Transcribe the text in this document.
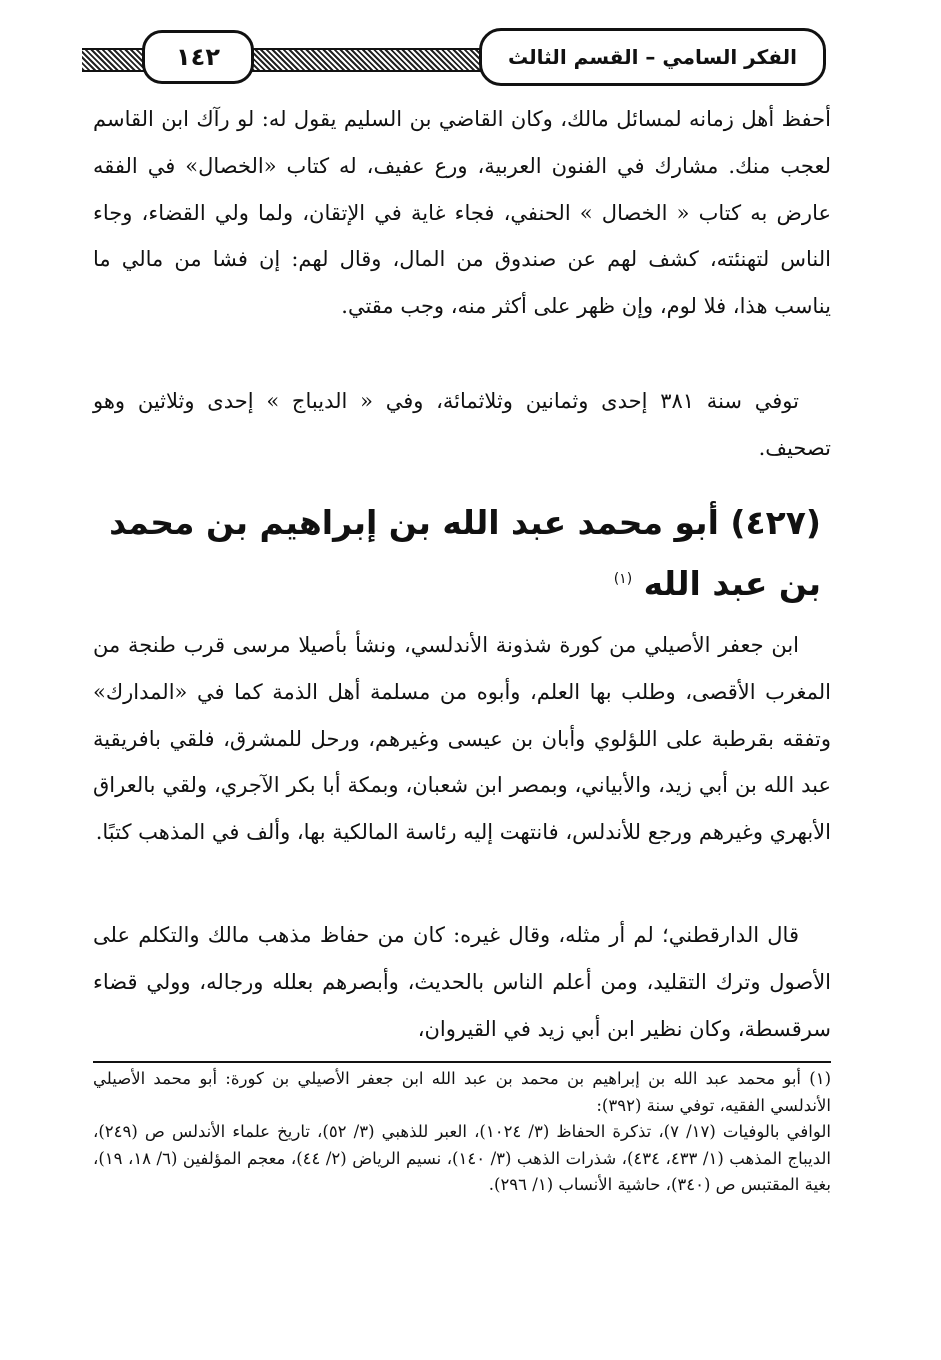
الفكر السامي – القسم الثالث
١٤٢

أحفظ أهل زمانه لمسائل مالك، وكان القاضي بن السليم يقول له: لو رآك ابن القاسم لعجب منك. مشارك في الفنون العربية، ورع عفيف، له كتاب «الخصال» في الفقه عارض به كتاب « الخصال » الحنفي، فجاء غاية في الإتقان، ولما ولي القضاء، وجاء الناس لتهنئته، كشف لهم عن صندوق من المال، وقال لهم: إن فشا من مالي ما يناسب هذا، فلا لوم، وإن ظهر على أكثر منه، وجب مقتي.

توفي سنة ٣٨١ إحدى وثمانين وثلاثمائة، وفي « الديباج » إحدى وثلاثين وهو تصحيف.

(٤٢٧) أبو محمد عبد الله بن إبراهيم بن محمد بن عبد الله $^{(١)}$

ابن جعفر الأصيلي من كورة شذونة الأندلسي، ونشأ بأصيلا مرسى قرب طنجة من المغرب الأقصى، وطلب بها العلم، وأبوه من مسلمة أهل الذمة كما في «المدارك» وتفقه بقرطبة على اللؤلوي وأبان بن عيسى وغيرهم، ورحل للمشرق، فلقي بافريقية عبد الله بن أبي زيد، والأبياني، وبمصر ابن شعبان، وبمكة أبا بكر الآجري، ولقي بالعراق الأبهري وغيرهم ورجع للأندلس، فانتهت إليه رئاسة المالكية بها، وألف في المذهب كتبًا.

قال الدارقطني؛ لم أر مثله، وقال غيره: كان من حفاظ مذهب مالك والتكلم على الأصول وترك التقليد، ومن أعلم الناس بالحديث، وأبصرهم بعلله ورجاله، وولي قضاء سرقسطة، وكان نظير ابن أبي زيد في القيروان،

(١) أبو محمد عبد الله بن إبراهيم بن محمد بن عبد الله ابن جعفر الأصيلي بن كورة: أبو محمد الأصيلي الأندلسي الفقيه، توفي سنة (٣٩٢):

الوافي بالوفيات (١٧/ ٧)، تذكرة الحفاظ (٣/ ١٠٢٤)، العبر للذهبي (٣/ ٥٢)، تاريخ علماء الأندلس ص (٢٤٩)، الديباج المذهب (١/ ٤٣٣، ٤٣٤)، شذرات الذهب (٣/ ١٤٠)، نسيم الرياض (٢/ ٤٤)، معجم المؤلفين (٦/ ١٨، ١٩)، بغية المقتبس ص (٣٤٠)، حاشية الأنساب (١/ ٢٩٦).
